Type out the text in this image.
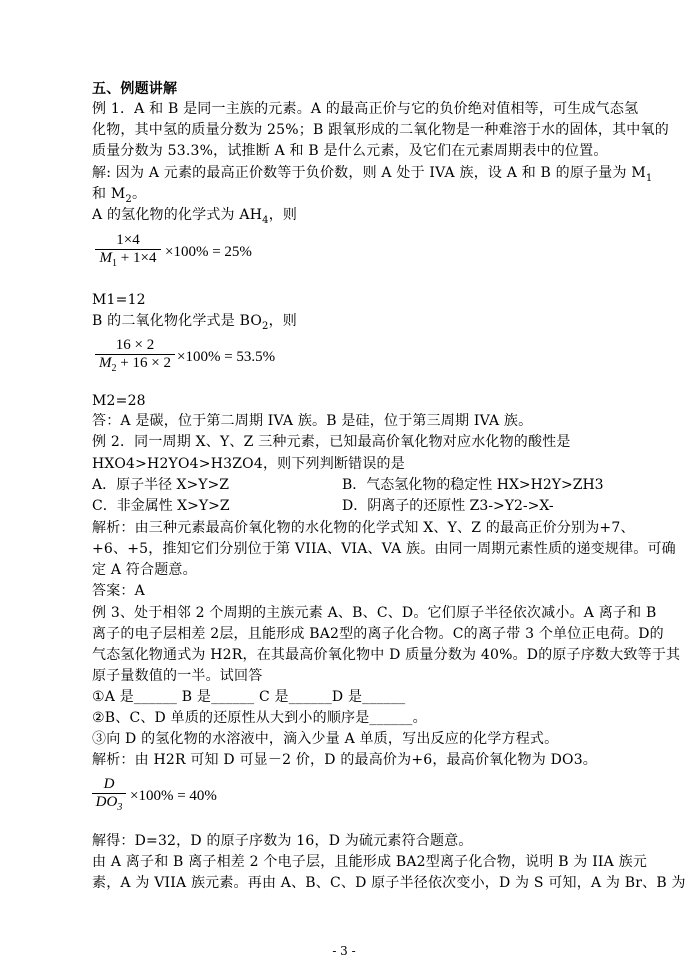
五、例题讲解
例 1．A 和 B 是同一主族的元素。A 的最高正价与它的负价绝对值相等，可生成气态氢
化物，其中氢的质量分数为 25%；B 跟氧形成的二氧化物是一种难溶于水的固体，其中氧的
质量分数为 53.3%，试推断 A 和 B 是什么元素，及它们在元素周期表中的位置。
解: 因为 A 元素的最高正价数等于负价数，则 A 处于 IVA 族，设 A 和 B 的原子量为 $M_1$
和 $M_2$。
A 的氢化物的化学式为 $AH_4$，则
1×4
$M_1 + 1\times 4 \times 100\% = 25\%$
M1=12
B 的二氧化物化学式是 $BO_2$，则
16 × 2
$M_2 + 16 \times 2 \times 100\% = 53.5\%$
M2=28
答：A 是碳，位于第二周期 IVA 族。B 是硅，位于第三周期 IVA 族。
例 2．同一周期 X、Y、Z 三种元素，已知最高价氧化物对应水化物的酸性是
HXO4>H2YO4>H3ZO4，则下列判断错误的是
A．原子半径 X>Y>Z	B．气态氢化物的稳定性 HX>H2Y>ZH3
C．非金属性 X>Y>Z	D．阴离子的还原性 Z3->Y2->X-
解析：由三种元素最高价氧化物的水化物的化学式知 X、Y、Z 的最高正价分别为+7、
+6、+5，推知它们分别位于第 VIIA、VIA、VA 族。由同一周期元素性质的递变规律。可确
定 A 符合题意。
答案：A
例 3、处于相邻 2 个周期的主族元素 A、B、C、D。它们原子半径依次减小。A 离子和 B
离子的电子层相差 2层，且能形成 BA2型的离子化合物。C的离子带 3 个单位正电荷。D的
气态氢化物通式为 H2R，在其最高价氧化物中 D 质量分数为 40%。D的原子序数大致等于其
原子量数值的一半。试回答
①A 是______ B 是______ C 是______D 是______
②B、C、D 单质的还原性从大到小的顺序是______。
③向 D 的氢化物的水溶液中，滴入少量 A 单质，写出反应的化学方程式。
解析：由 H2R 可知 D 可显－2 价，D 的最高价为+6，最高价氧化物为 DO3。
D
$DO_3$
×100% = 40%
解得：D=32，D 的原子序数为 16，D 为硫元素符合题意。
由 A 离子和 B 离子相差 2 个电子层，且能形成 BA2型离子化合物，说明 B 为 IIA 族元
素，A 为 VIIA 族元素。再由 A、B、C、D 原子半径依次变小，D 为 S 可知，A 为 Br、B 为
- 3 -
